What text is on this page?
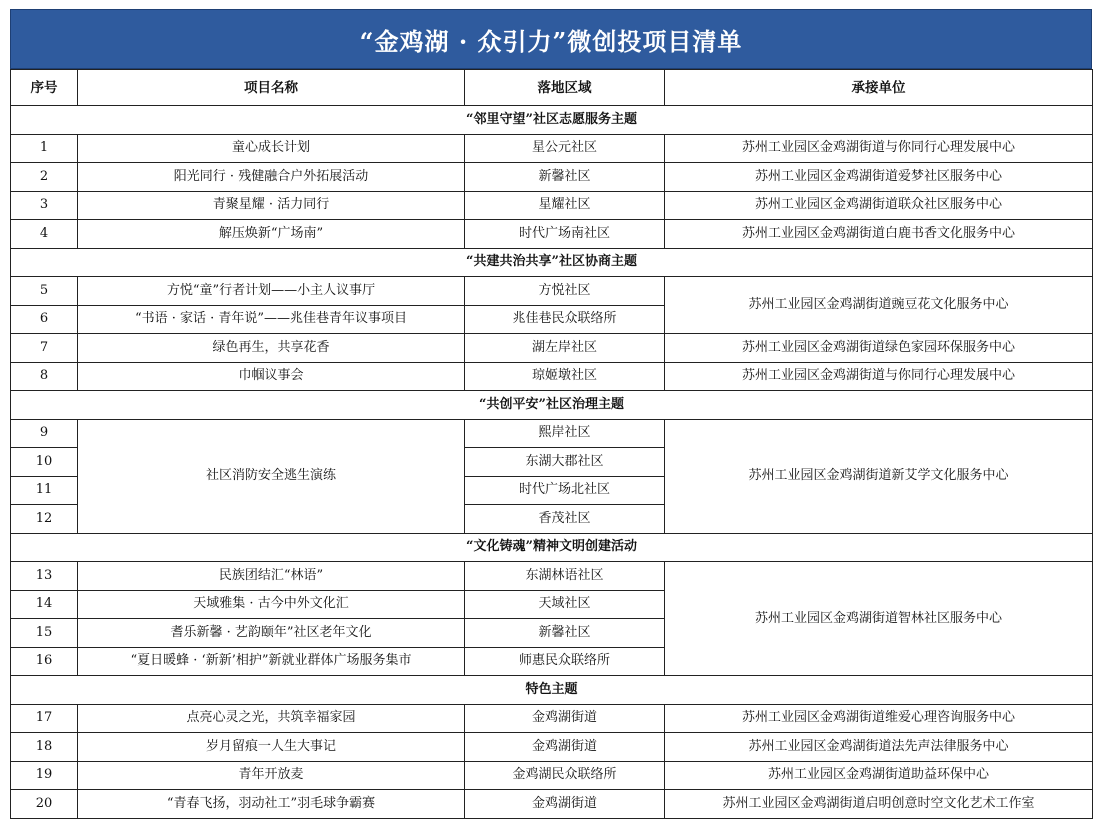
“金鸡湖 · 众引力”微创投项目清单
序号	项目名称	落地区域	承接单位
“邻里守望”社区志愿服务主题			
1	童心成长计划	星公元社区	苏州工业园区金鸡湖街道与你同行心理发展中心
2	阳光同行 · 残健融合户外拓展活动	新馨社区	苏州工业园区金鸡湖街道爱梦社区服务中心
3	青聚星耀 · 活力同行	星耀社区	苏州工业园区金鸡湖街道联众社区服务中心
4	解压焕新“广场南”	时代广场南社区	苏州工业园区金鸡湖街道白鹿书香文化服务中心
“共建共治共享”社区协商主题			
5	方悦“童”行者计划——小主人议事厅	方悦社区	苏州工业园区金鸡湖街道豌豆花文化服务中心
6	“书语 · 家话 · 青年说”——兆佳巷青年议事项目	兆佳巷民众联络所	
7	绿色再生，共享花香	湖左岸社区	苏州工业园区金鸡湖街道绿色家园环保服务中心
8	巾帼议事会	琼姬墩社区	苏州工业园区金鸡湖街道与你同行心理发展中心
“共创平安”社区治理主题			
9	社区消防安全逃生演练	熙岸社区	苏州工业园区金鸡湖街道新艾学文化服务中心
10		东湖大郡社区	
11		时代广场北社区	
12		香茂社区	
“文化铸魂”精神文明创建活动			
13	民族团结汇“林语”	东湖林语社区	苏州工业园区金鸡湖街道智林社区服务中心
14	天域雅集 · 古今中外文化汇	天域社区	
15	耆乐新馨 · 艺韵颐年”社区老年文化	新馨社区	
16	“夏日暖蜂 · ‘新新’相护”新就业群体广场服务集市	师惠民众联络所	
特色主题			
17	点亮心灵之光，共筑幸福家园	金鸡湖街道	苏州工业园区金鸡湖街道维爱心理咨询服务中心
18	岁月留痕一人生大事记	金鸡湖街道	苏州工业园区金鸡湖街道法先声法律服务中心
19	青年开放麦	金鸡湖民众联络所	苏州工业园区金鸡湖街道助益环保中心
20	“青春飞扬，羽动社工”羽毛球争霸赛	金鸡湖街道	苏州工业园区金鸡湖街道启明创意时空文化艺术工作室
